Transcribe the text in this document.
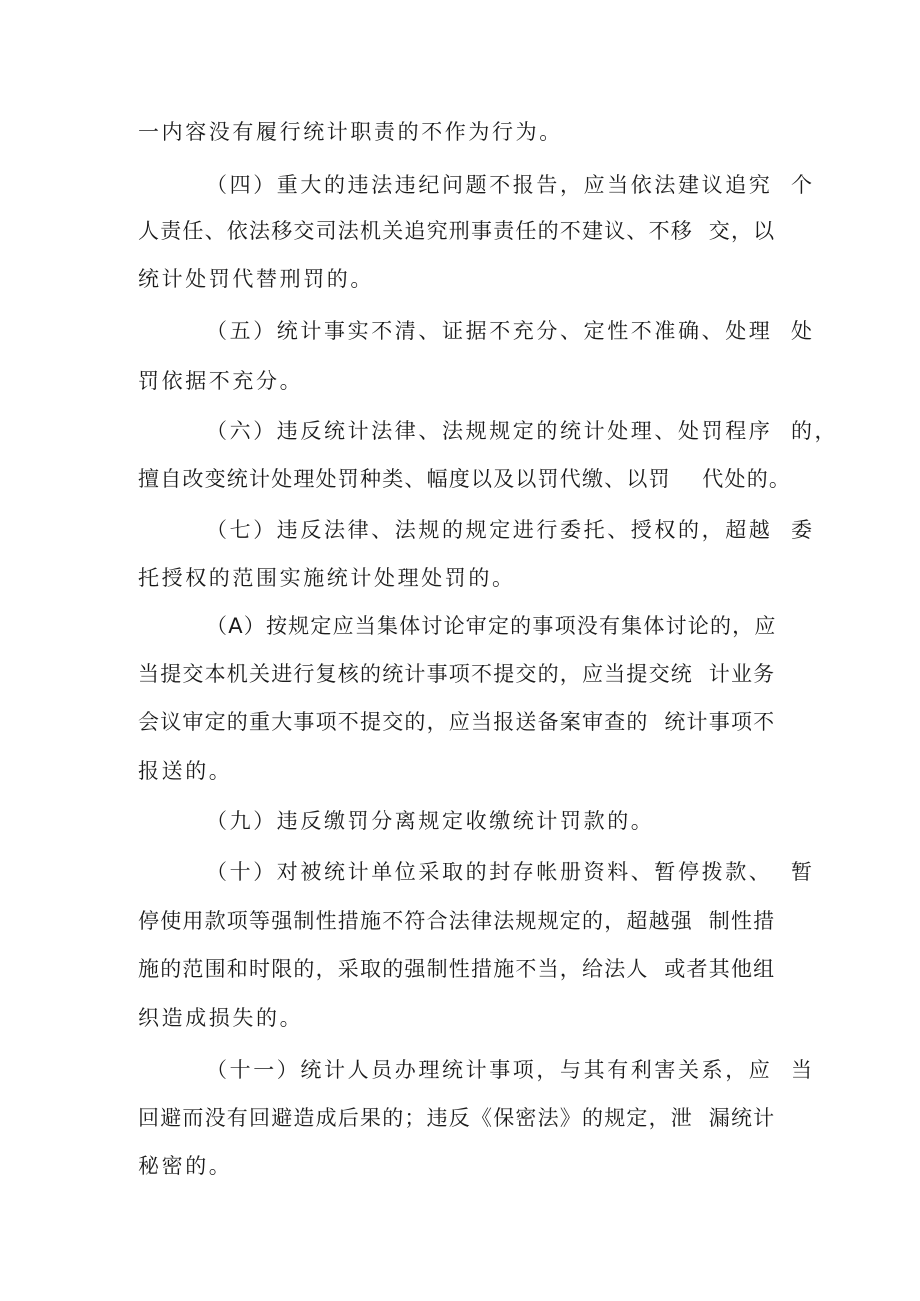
一内容没有履行统计职责的不作为行为。
（四）重大的违法违纪问题不报告，应当依法建议追究  个
人责任、依法移交司法机关追究刑事责任的不建议、不移  交，以
统计处罚代替刑罚的。
（五）统计事实不清、证据不充分、定性不准确、处理  处
罚依据不充分。
（六）违反统计法律、法规规定的统计处理、处罚程序  的，
擅自改变统计处理处罚种类、幅度以及以罚代缴、以罚    代处的。
（七）违反法律、法规的规定进行委托、授权的，超越  委
托授权的范围实施统计处理处罚的。
（A）按规定应当集体讨论审定的事项没有集体讨论的，应
当提交本机关进行复核的统计事项不提交的，应当提交统  计业务
会议审定的重大事项不提交的，应当报送备案审查的  统计事项不
报送的。
（九）违反缴罚分离规定收缴统计罚款的。
（十）对被统计单位采取的封存帐册资料、暂停拨款、  暂
停使用款项等强制性措施不符合法律法规规定的，超越强  制性措
施的范围和时限的，采取的强制性措施不当，给法人  或者其他组
织造成损失的。
（十一）统计人员办理统计事项，与其有利害关系，应  当
回避而没有回避造成后果的；违反《保密法》的规定，泄  漏统计
秘密的。
